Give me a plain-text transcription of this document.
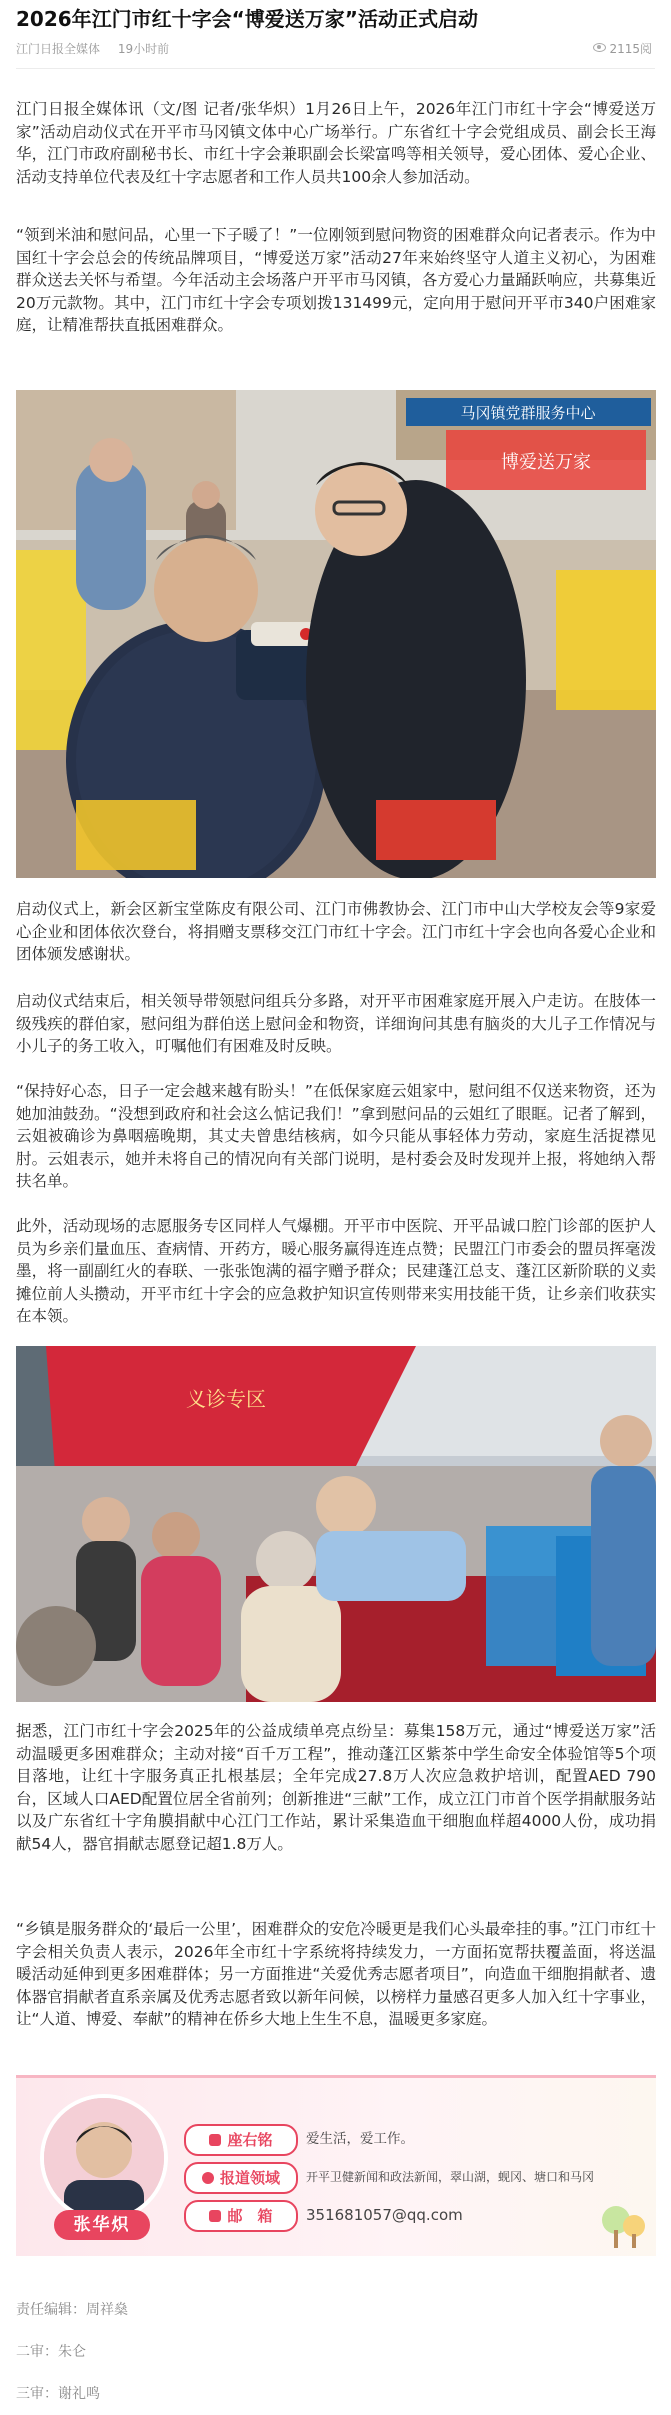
2026年江门市红十字会“博爱送万家”活动正式启动
江门日报全媒体 19小时前	2115阅

江门日报全媒体讯（文/图 记者/张华炽）1月26日上午，2026年江门市红十字会“博爱送万家”活动启动仪式在开平市马冈镇文体中心广场举行。广东省红十字会党组成员、副会长王海华，江门市政府副秘书长、市红十字会兼职副会长梁富鸣等相关领导，爱心团体、爱心企业、活动支持单位代表及红十字志愿者和工作人员共100余人参加活动。

“领到米油和慰问品，心里一下子暖了！”一位刚领到慰问物资的困难群众向记者表示。作为中国红十字会总会的传统品牌项目，“博爱送万家”活动27年来始终坚守人道主义初心，为困难群众送去关怀与希望。今年活动主会场落户开平市马冈镇，各方爱心力量踊跃响应，共募集近20万元款物。其中，江门市红十字会专项划拨131499元，定向用于慰问开平市340户困难家庭，让精准帮扶直抵困难群众。

马冈镇党群服务中心
博爱送万家

启动仪式上，新会区新宝堂陈皮有限公司、江门市佛教协会、江门市中山大学校友会等9家爱心企业和团体依次登台，将捐赠支票移交江门市红十字会。江门市红十字会也向各爱心企业和团体颁发感谢状。

启动仪式结束后，相关领导带领慰问组兵分多路，对开平市困难家庭开展入户走访。在肢体一级残疾的群伯家，慰问组为群伯送上慰问金和物资，详细询问其患有脑炎的大儿子工作情况与小儿子的务工收入，叮嘱他们有困难及时反映。

“保持好心态，日子一定会越来越有盼头！”在低保家庭云姐家中，慰问组不仅送来物资，还为她加油鼓劲。“没想到政府和社会这么惦记我们！”拿到慰问品的云姐红了眼眶。记者了解到，云姐被确诊为鼻咽癌晚期，其丈夫曾患结核病，如今只能从事轻体力劳动，家庭生活捉襟见肘。云姐表示，她并未将自己的情况向有关部门说明，是村委会及时发现并上报，将她纳入帮扶名单。

此外，活动现场的志愿服务专区同样人气爆棚。开平市中医院、开平品诚口腔门诊部的医护人员为乡亲们量血压、查病情、开药方，暖心服务赢得连连点赞；民盟江门市委会的盟员挥毫泼墨，将一副副红火的春联、一张张饱满的福字赠予群众；民建蓬江总支、蓬江区新阶联的义卖摊位前人头攒动，开平市红十字会的应急救护知识宣传则带来实用技能干货，让乡亲们收获实在本领。

义诊专区

据悉，江门市红十字会2025年的公益成绩单亮点纷呈：募集158万元，通过“博爱送万家”活动温暖更多困难群众；主动对接“百千万工程”，推动蓬江区紫茶中学生命安全体验馆等5个项目落地，让红十字服务真正扎根基层；全年完成27.8万人次应急救护培训，配置AED 790台，区域人口AED配置位居全省前列；创新推进“三献”工作，成立江门市首个医学捐献服务站以及广东省红十字角膜捐献中心江门工作站，累计采集造血干细胞血样超4000人份，成功捐献54人，器官捐献志愿登记超1.8万人。

“乡镇是服务群众的‘最后一公里’，困难群众的安危冷暖更是我们心头最牵挂的事。”江门市红十字会相关负责人表示，2026年全市红十字系统将持续发力，一方面拓宽帮扶覆盖面，将送温暖活动延伸到更多困难群体；另一方面推进“关爱优秀志愿者项目”，向造血干细胞捐献者、遗体器官捐献者直系亲属及优秀志愿者致以新年问候，以榜样力量感召更多人加入红十字事业，让“人道、博爱、奉献”的精神在侨乡大地上生生不息，温暖更多家庭。

张华炽
座右铭	爱生活，爱工作。
报道领域	开平卫健新闻和政法新闻，翠山湖，蚬冈、塘口和马冈
邮　箱	351681057@qq.com
责任编辑：周祥燊
二审：朱仑
三审：谢礼鸣
